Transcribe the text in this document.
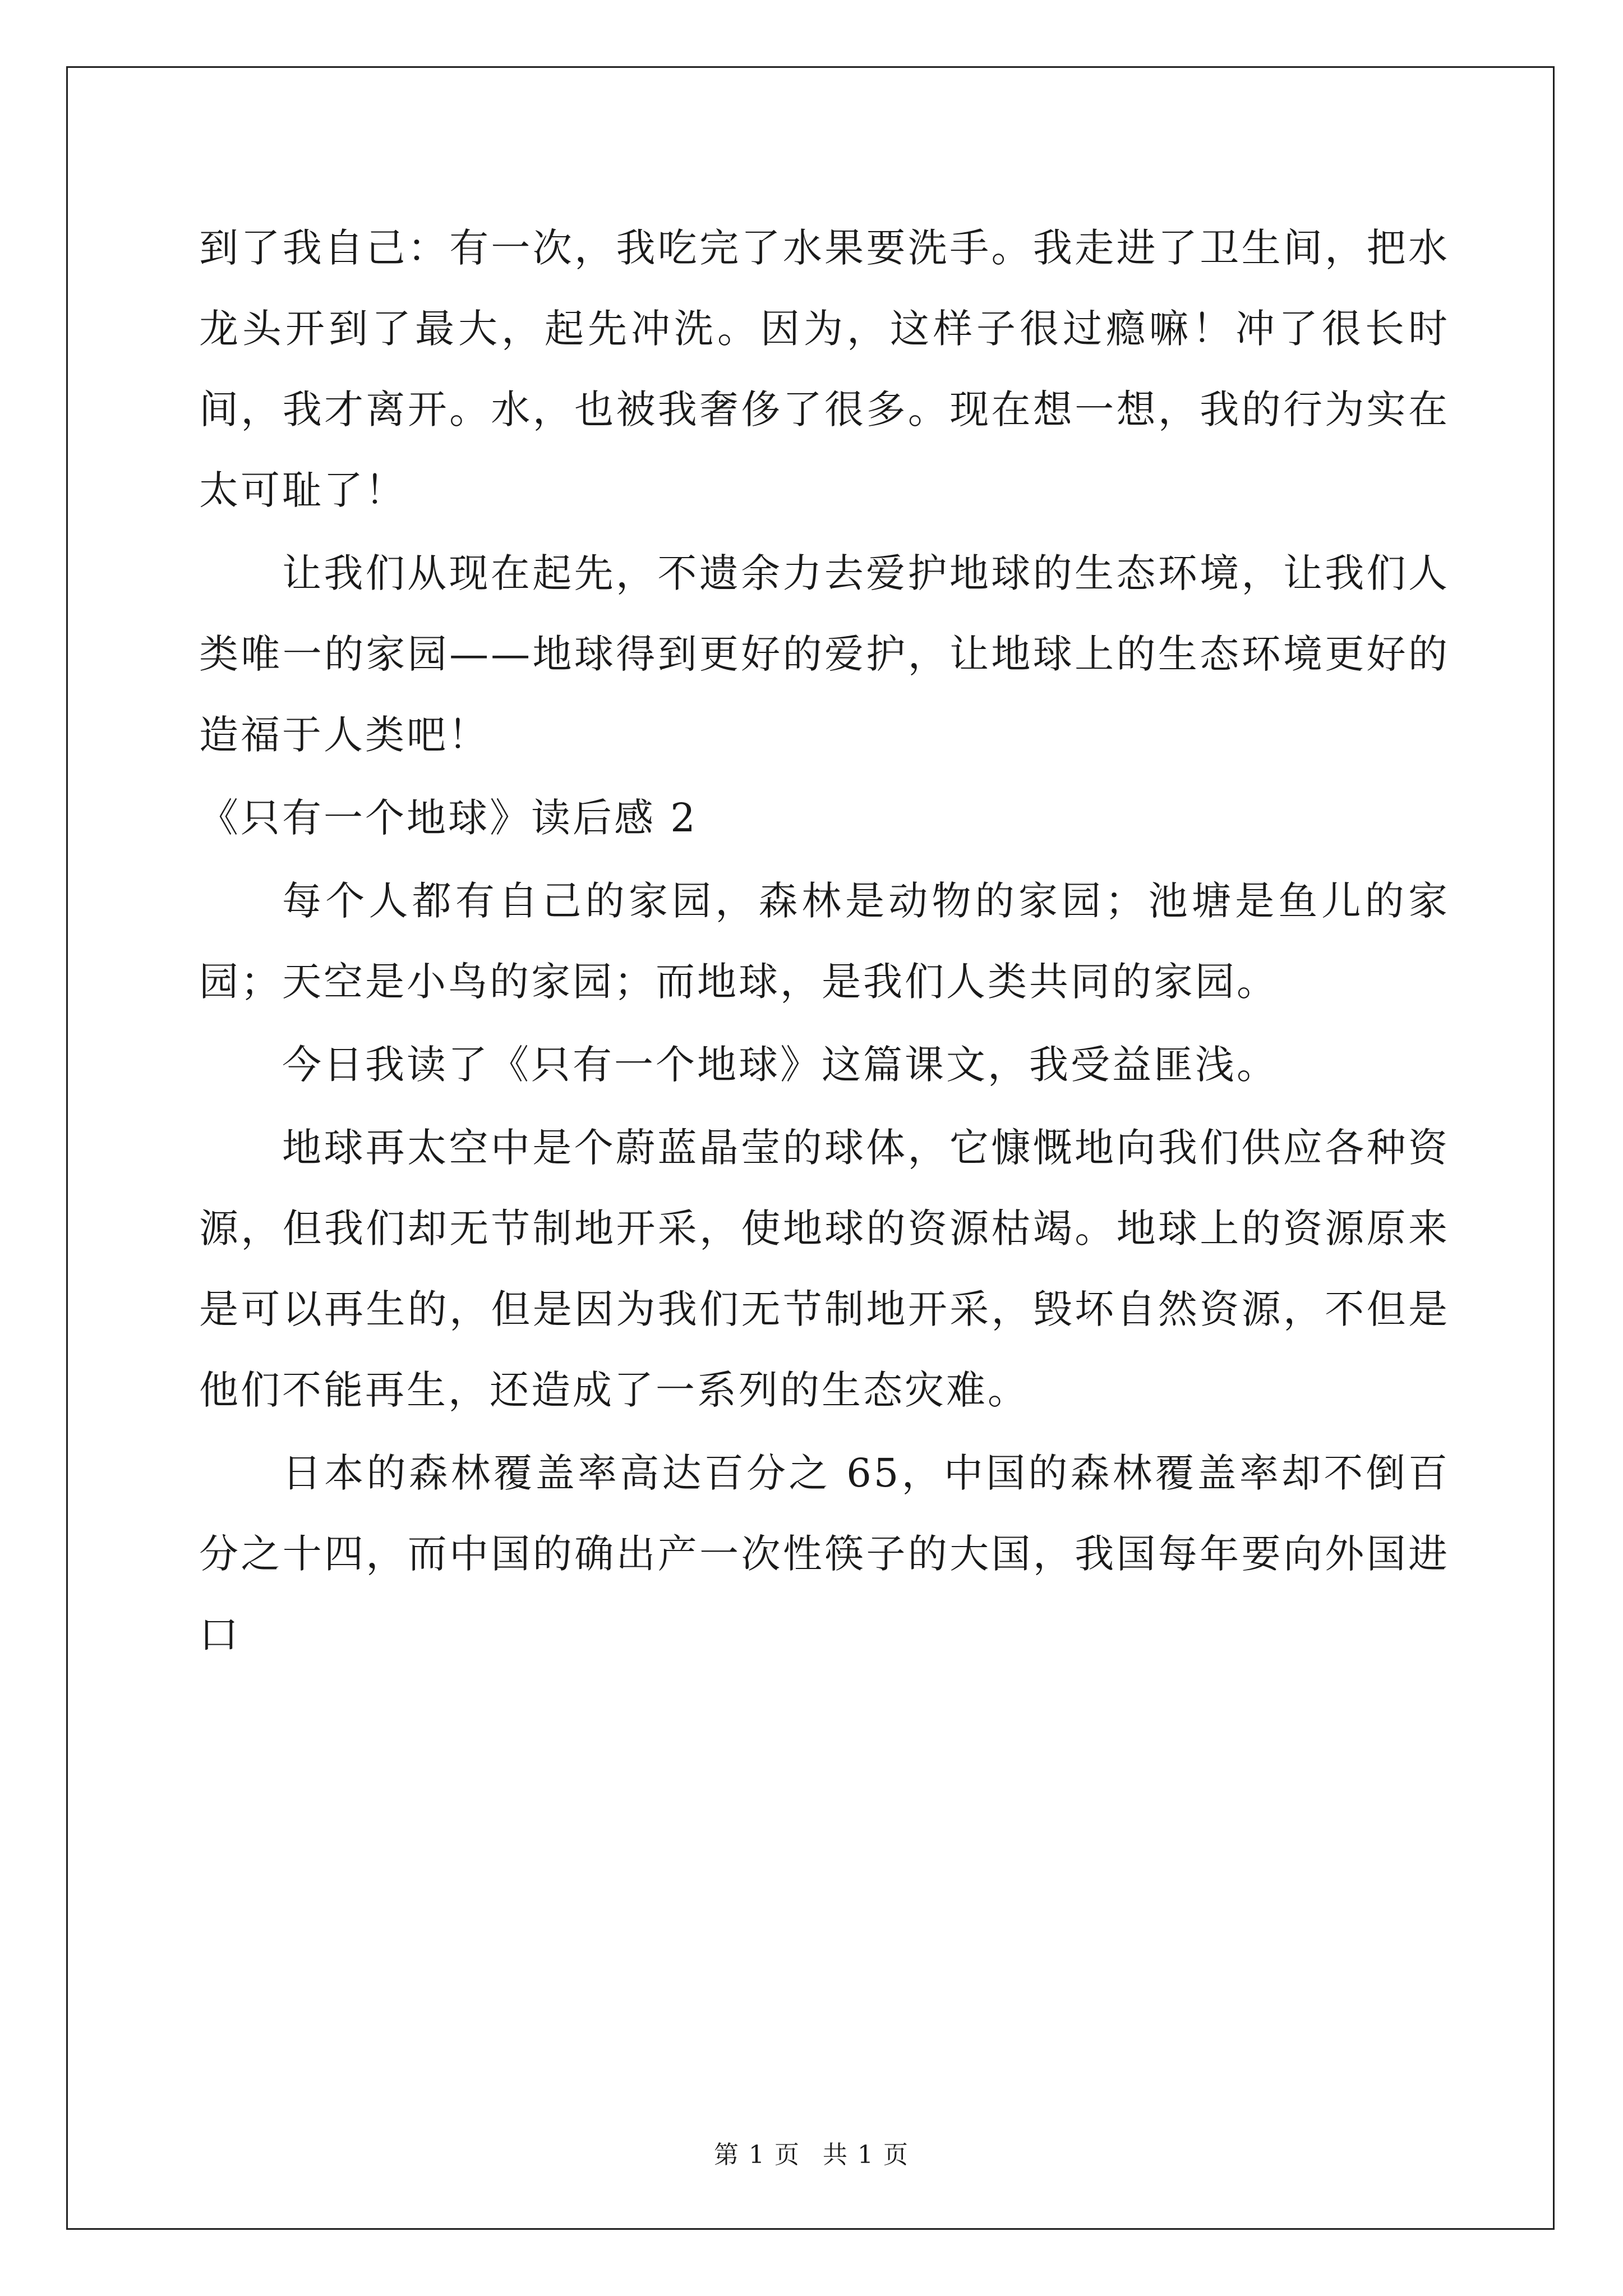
到了我自己：有一次，我吃完了水果要洗手。我走进了卫生间，把水龙头开到了最大，起先冲洗。因为，这样子很过瘾嘛！冲了很长时间，我才离开。水，也被我奢侈了很多。现在想一想，我的行为实在太可耻了！

让我们从现在起先，不遗余力去爱护地球的生态环境，让我们人类唯一的家园——地球得到更好的爱护，让地球上的生态环境更好的造福于人类吧！

《只有一个地球》读后感 2

每个人都有自己的家园，森林是动物的家园；池塘是鱼儿的家园；天空是小鸟的家园；而地球，是我们人类共同的家园。

今日我读了《只有一个地球》这篇课文，我受益匪浅。

地球再太空中是个蔚蓝晶莹的球体，它慷慨地向我们供应各种资源，但我们却无节制地开采，使地球的资源枯竭。地球上的资源原来是可以再生的，但是因为我们无节制地开采，毁坏自然资源，不但是他们不能再生，还造成了一系列的生态灾难。

日本的森林覆盖率高达百分之 65，中国的森林覆盖率却不倒百分之十四，而中国的确出产一次性筷子的大国，我国每年要向外国进口

第 1 页 共 1 页
